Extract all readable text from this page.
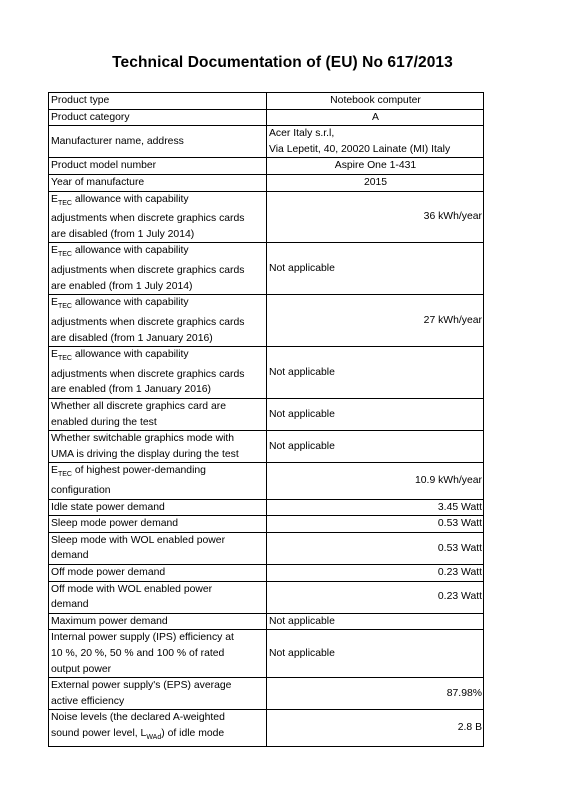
Technical Documentation of (EU) No 617/2013
Product type	Notebook computer

Product category	A

Manufacturer name, address	Acer Italy s.r.l,
Via Lepetit, 40, 20020 Lainate (MI) Italy

Product model number	Aspire One 1-431

Year of manufacture	2015

$E_{TEC}$ allowance with capability
adjustments when discrete graphics cards
are disabled (from 1 July 2014)	36 kWh/year

$E_{TEC}$ allowance with capability
adjustments when discrete graphics cards
are enabled (from 1 July 2014)	Not applicable

$E_{TEC}$ allowance with capability
adjustments when discrete graphics cards
are disabled (from 1 January 2016)	27 kWh/year

$E_{TEC}$ allowance with capability
adjustments when discrete graphics cards
are enabled (from 1 January 2016)	Not applicable

Whether all discrete graphics card are
enabled during the test	Not applicable

Whether switchable graphics mode with
UMA is driving the display during the test	Not applicable

$E_{TEC}$ of highest power-demanding
configuration	10.9 kWh/year

Idle state power demand	3.45 Watt

Sleep mode power demand	0.53 Watt

Sleep mode with WOL enabled power
demand	0.53 Watt

Off mode power demand	0.23 Watt

Off mode with WOL enabled power
demand	0.23 Watt

Maximum power demand	Not applicable

Internal power supply (IPS) efficiency at
10 %, 20 %, 50 % and 100 % of rated
output power	Not applicable

External power supply's (EPS) average
active efficiency	87.98%

Noise levels (the declared A-weighted
sound power level, $L_{WAd}$) of idle mode	2.8 B
